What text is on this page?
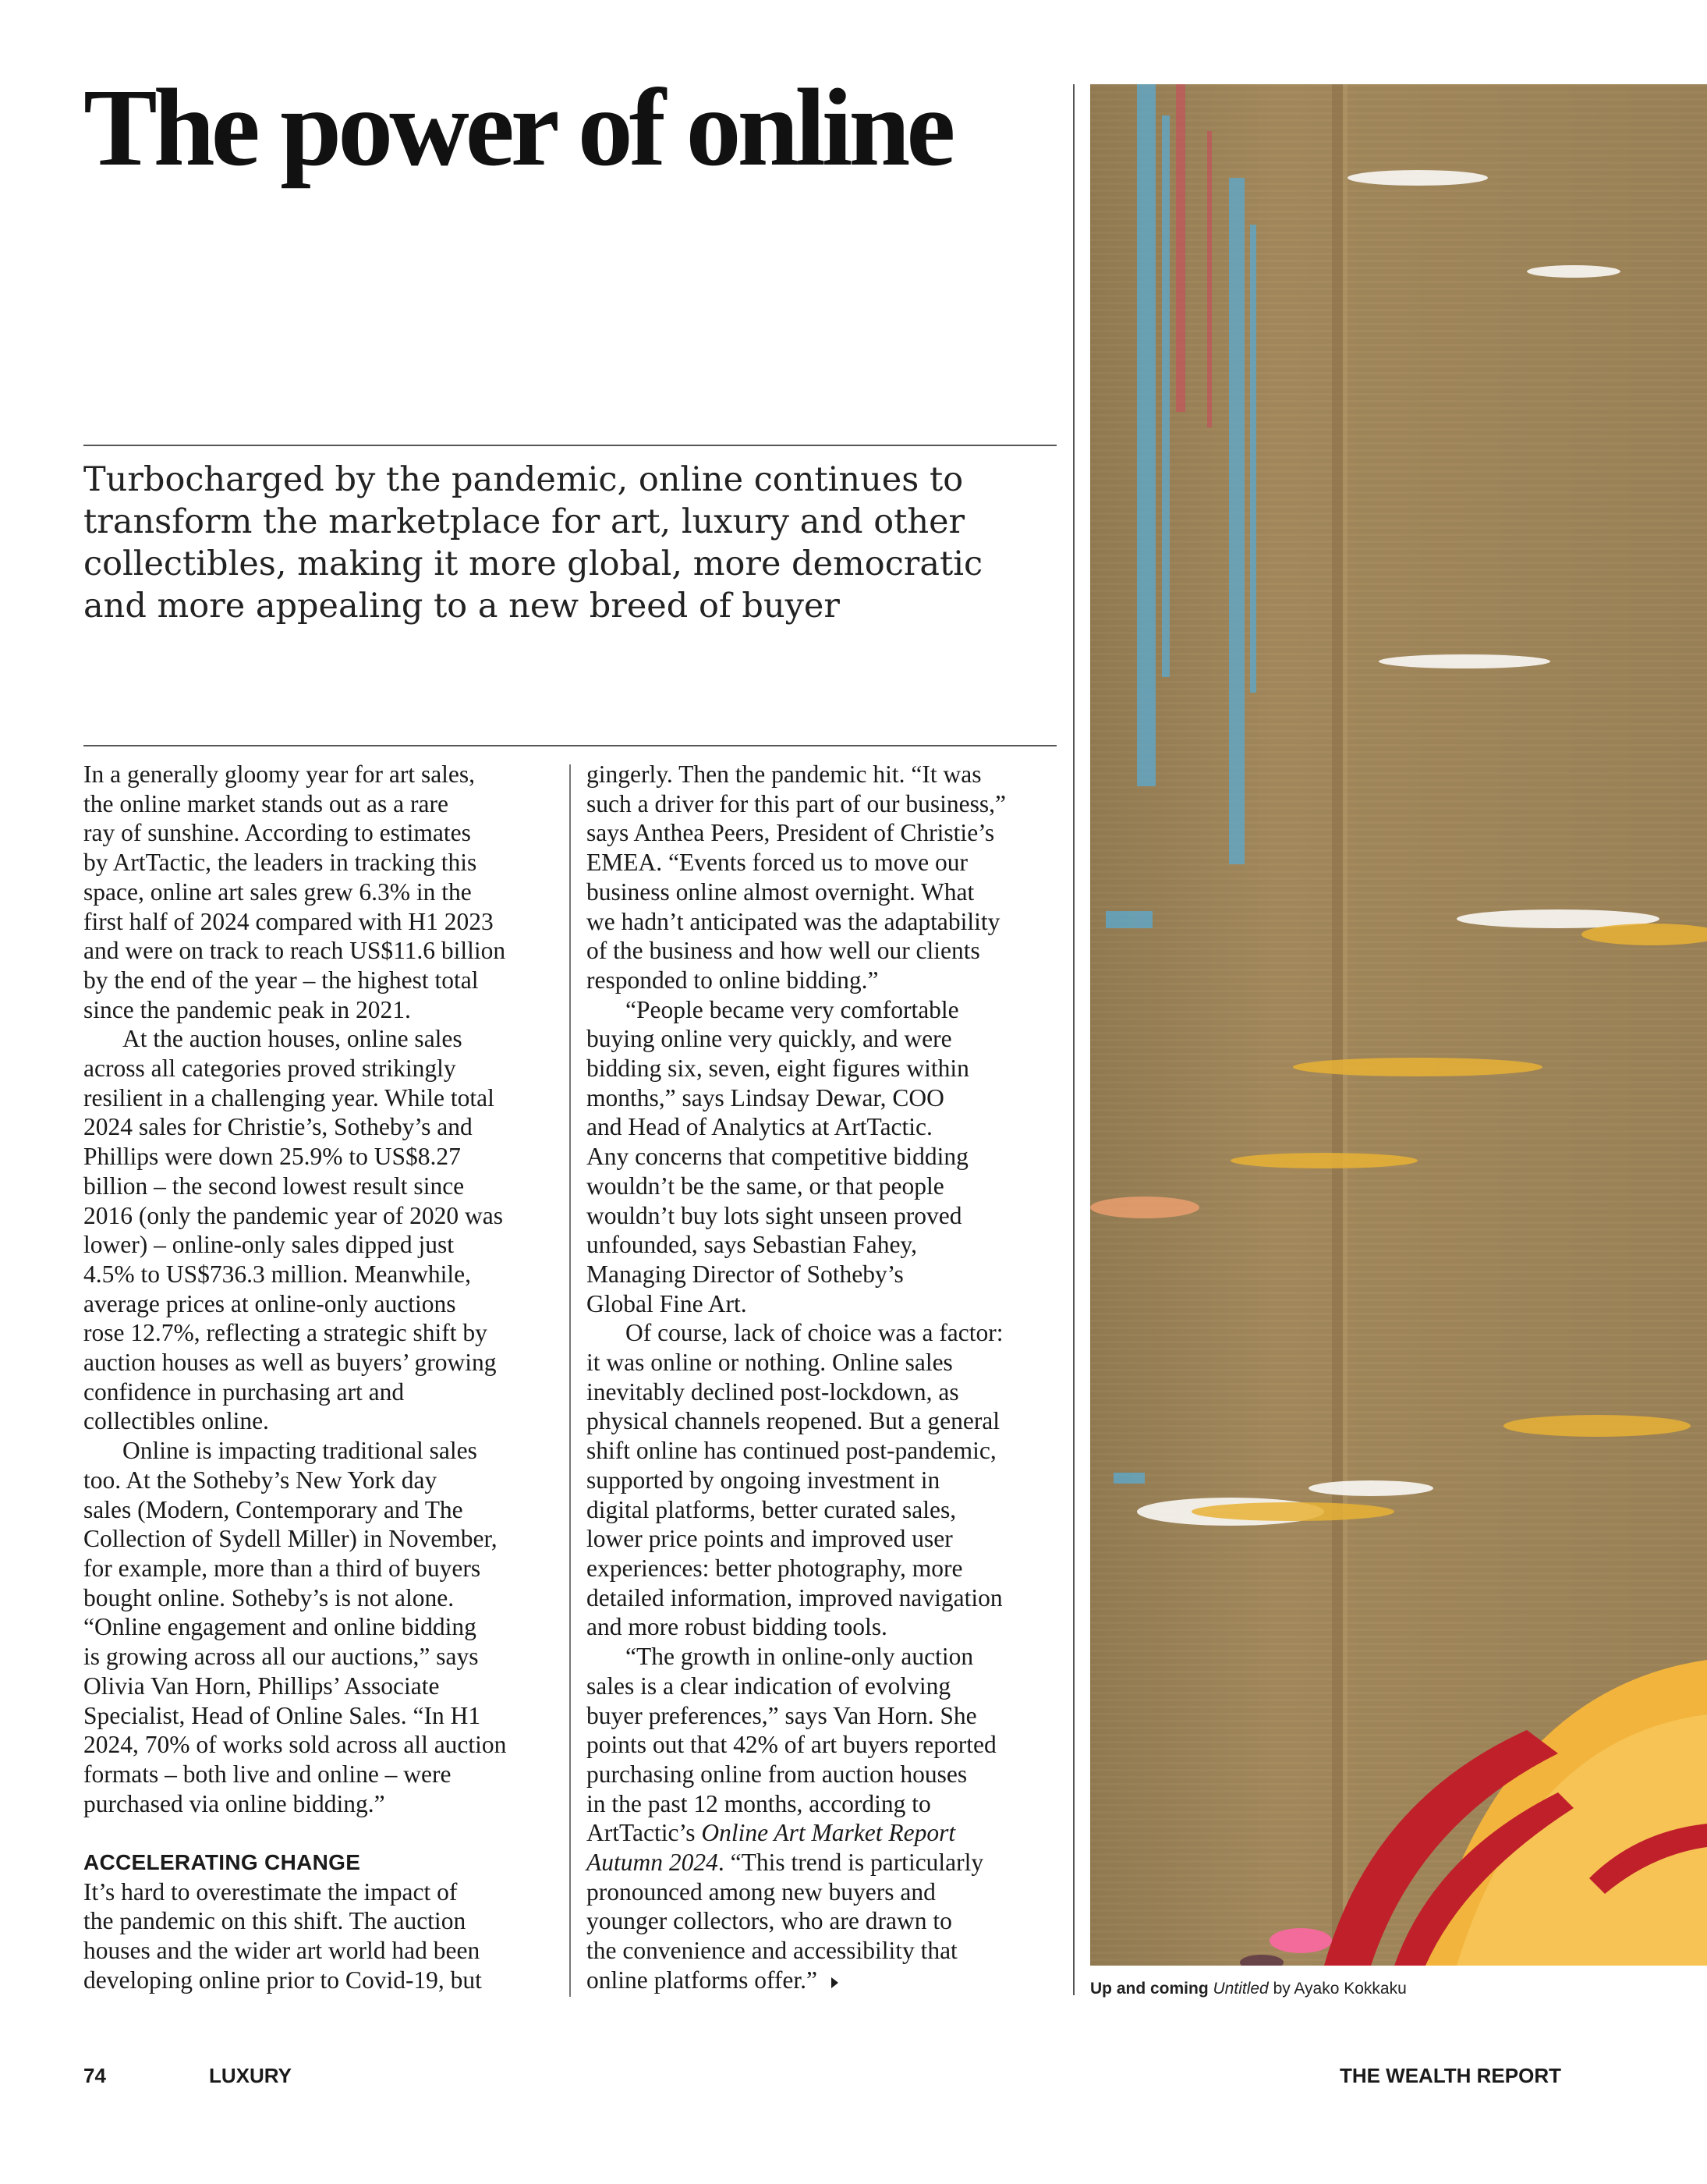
The power of online
Turbocharged by the pandemic, online continues to
transform the marketplace for art, luxury and other
collectibles, making it more global, more democratic
and more appealing to a new breed of buyer
In a generally gloomy year for art sales,
the online market stands out as a rare
ray of sunshine. According to estimates
by ArtTactic, the leaders in tracking this
space, online art sales grew 6.3% in the
first half of 2024 compared with H1 2023
and were on track to reach US$11.6 billion
by the end of the year – the highest total
since the pandemic peak in 2021.
At the auction houses, online sales
across all categories proved strikingly
resilient in a challenging year. While total
2024 sales for Christie’s, Sotheby’s and
Phillips were down 25.9% to US$8.27
billion – the second lowest result since
2016 (only the pandemic year of 2020 was
lower) – online-only sales dipped just
4.5% to US$736.3 million. Meanwhile,
average prices at online-only auctions
rose 12.7%, reflecting a strategic shift by
auction houses as well as buyers’ growing
confidence in purchasing art and
collectibles online.
Online is impacting traditional sales
too. At the Sotheby’s New York day
sales (Modern, Contemporary and The
Collection of Sydell Miller) in November,
for example, more than a third of buyers
bought online. Sotheby’s is not alone.
“Online engagement and online bidding
is growing across all our auctions,” says
Olivia Van Horn, Phillips’ Associate
Specialist, Head of Online Sales. “In H1
2024, 70% of works sold across all auction
formats – both live and online – were
purchased via online bidding.”
ACCELERATING CHANGE
It’s hard to overestimate the impact of
the pandemic on this shift. The auction
houses and the wider art world had been
developing online prior to Covid-19, but
gingerly. Then the pandemic hit. “It was
such a driver for this part of our business,”
says Anthea Peers, President of Christie’s
EMEA. “Events forced us to move our
business online almost overnight. What
we hadn’t anticipated was the adaptability
of the business and how well our clients
responded to online bidding.”
“People became very comfortable
buying online very quickly, and were
bidding six, seven, eight figures within
months,” says Lindsay Dewar, COO
and Head of Analytics at ArtTactic.
Any concerns that competitive bidding
wouldn’t be the same, or that people
wouldn’t buy lots sight unseen proved
unfounded, says Sebastian Fahey,
Managing Director of Sotheby’s
Global Fine Art.
Of course, lack of choice was a factor:
it was online or nothing. Online sales
inevitably declined post-lockdown, as
physical channels reopened. But a general
shift online has continued post-pandemic,
supported by ongoing investment in
digital platforms, better curated sales,
lower price points and improved user
experiences: better photography, more
detailed information, improved navigation
and more robust bidding tools.
“The growth in online-only auction
sales is a clear indication of evolving
buyer preferences,” says Van Horn. She
points out that 42% of art buyers reported
purchasing online from auction houses
in the past 12 months, according to
ArtTactic’s Online Art Market Report
Autumn 2024. “This trend is particularly
pronounced among new buyers and
younger collectors, who are drawn to
the convenience and accessibility that
online platforms offer.”	Up and coming Untitled by Ayako Kokkaku
74	LUXURY	THE WEALTH REPORT
